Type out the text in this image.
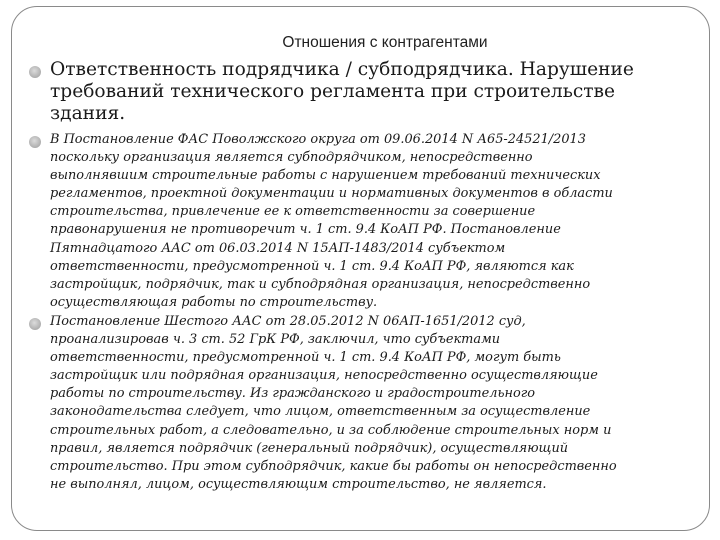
Отношения с контрагентами

Ответственность подрядчика / субподрядчика. Нарушение
требований технического регламента при строительстве
здания.

В Постановление ФАС Поволжского округа от 09.06.2014 N А65-24521/2013
поскольку организация является субподрядчиком, непосредственно
выполнявшим строительные работы с нарушением требований технических
регламентов, проектной документации и нормативных документов в области
строительства, привлечение ее к ответственности за совершение
правонарушения не противоречит ч. 1 ст. 9.4 КоАП РФ. Постановление
Пятнадцатого ААС от 06.03.2014 N 15АП-1483/2014 субъектом
ответственности, предусмотренной ч. 1 ст. 9.4 КоАП РФ, являются как
застройщик, подрядчик, так и субподрядная организация, непосредственно
осуществляющая работы по строительству.

Постановление Шестого ААС от 28.05.2012 N 06АП-1651/2012 суд,
проанализировав ч. 3 ст. 52 ГрК РФ, заключил, что субъектами
ответственности, предусмотренной ч. 1 ст. 9.4 КоАП РФ, могут быть
застройщик или подрядная организация, непосредственно осуществляющие
работы по строительству. Из гражданского и градостроительного
законодательства следует, что лицом, ответственным за осуществление
строительных работ, а следовательно, и за соблюдение строительных норм и
правил, является подрядчик (генеральный подрядчик), осуществляющий
строительство. При этом субподрядчик, какие бы работы он непосредственно
не выполнял, лицом, осуществляющим строительство, не является.
